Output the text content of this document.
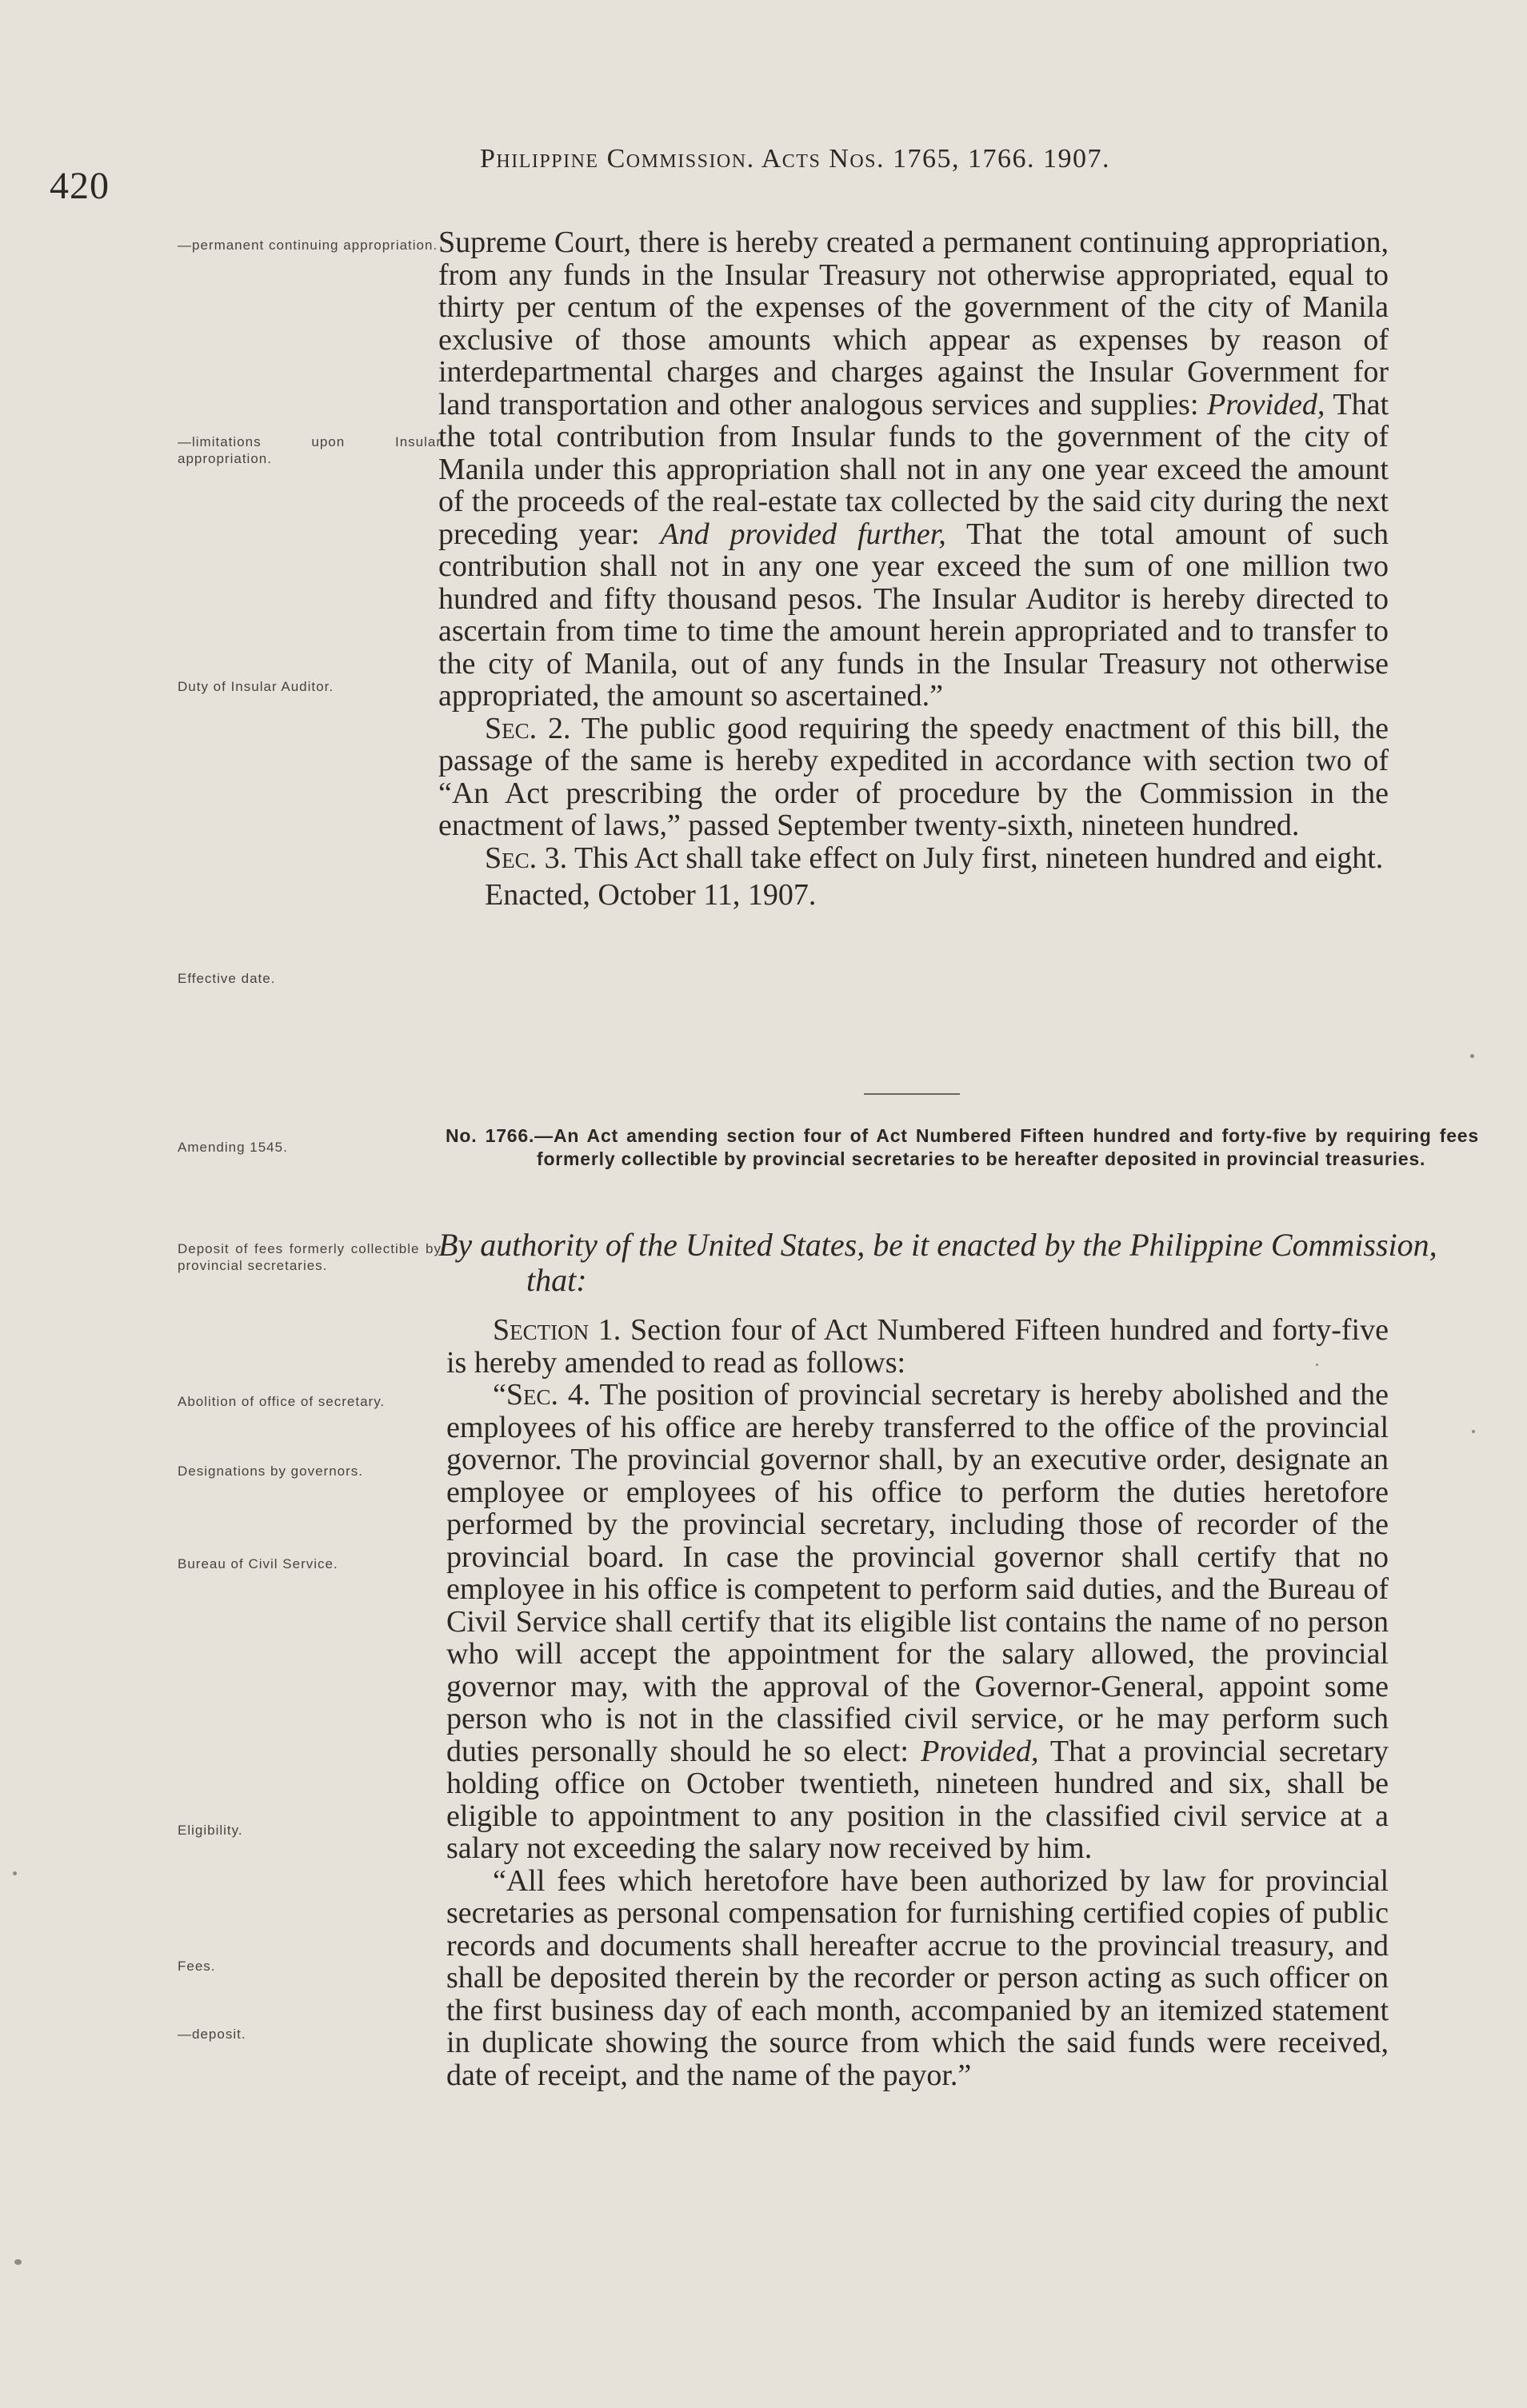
420
Philippine Commission. Acts Nos. 1765, 1766. 1907.
—permanent continuing appropriation.
—limitations upon Insular appropriation.
Duty of Insular Auditor.
Effective date.
Amending 1545.
Deposit of fees formerly collectible by provincial secretaries.
Abolition of office of secretary.
Designations by governors.
Bureau of Civil Service.
Eligibility.
Fees.
—deposit.

Supreme Court, there is hereby created a permanent continuing appropriation, from any funds in the Insular Treasury not otherwise appropriated, equal to thirty per centum of the expenses of the government of the city of Manila exclusive of those amounts which appear as expenses by reason of interdepartmental charges and charges against the Insular Government for land transportation and other analogous services and supplies: Provided, That the total contribution from Insular funds to the government of the city of Manila under this appropriation shall not in any one year exceed the amount of the proceeds of the real-estate tax collected by the said city during the next preceding year: And provided further, That the total amount of such contribution shall not in any one year exceed the sum of one million two hundred and fifty thousand pesos. The Insular Auditor is hereby directed to ascertain from time to time the amount herein appropriated and to transfer to the city of Manila, out of any funds in the Insular Treasury not otherwise appropriated, the amount so ascertained.”

Sec. 2. The public good requiring the speedy enactment of this bill, the passage of the same is hereby expedited in accordance with section two of “An Act prescribing the order of procedure by the Commission in the enactment of laws,” passed September twenty-sixth, nineteen hundred.

Sec. 3. This Act shall take effect on July first, nineteen hundred and eight.

Enacted, October 11, 1907.

No. 1766.—An Act amending section four of Act Numbered Fifteen hundred and forty-five by requiring fees formerly collectible by provincial secretaries to be hereafter deposited in provincial treasuries.
By authority of the United States, be it enacted by the Philippine Commission, that:

Section 1. Section four of Act Numbered Fifteen hundred and forty-five is hereby amended to read as follows:

“Sec. 4. The position of provincial secretary is hereby abolished and the employees of his office are hereby transferred to the office of the provincial governor. The provincial governor shall, by an executive order, designate an employee or employees of his office to perform the duties heretofore performed by the provincial secretary, including those of recorder of the provincial board. In case the provincial governor shall certify that no employee in his office is competent to perform said duties, and the Bureau of Civil Service shall certify that its eligible list contains the name of no person who will accept the appointment for the salary allowed, the provincial governor may, with the approval of the Governor-General, appoint some person who is not in the classified civil service, or he may perform such duties personally should he so elect: Provided, That a provincial secretary holding office on October twentieth, nineteen hundred and six, shall be eligible to appointment to any position in the classified civil service at a salary not exceeding the salary now received by him.

“All fees which heretofore have been authorized by law for provincial secretaries as personal compensation for furnishing certified copies of public records and documents shall hereafter accrue to the provincial treasury, and shall be deposited therein by the recorder or person acting as such officer on the first business day of each month, accompanied by an itemized statement in duplicate showing the source from which the said funds were received, date of receipt, and the name of the payor.”
